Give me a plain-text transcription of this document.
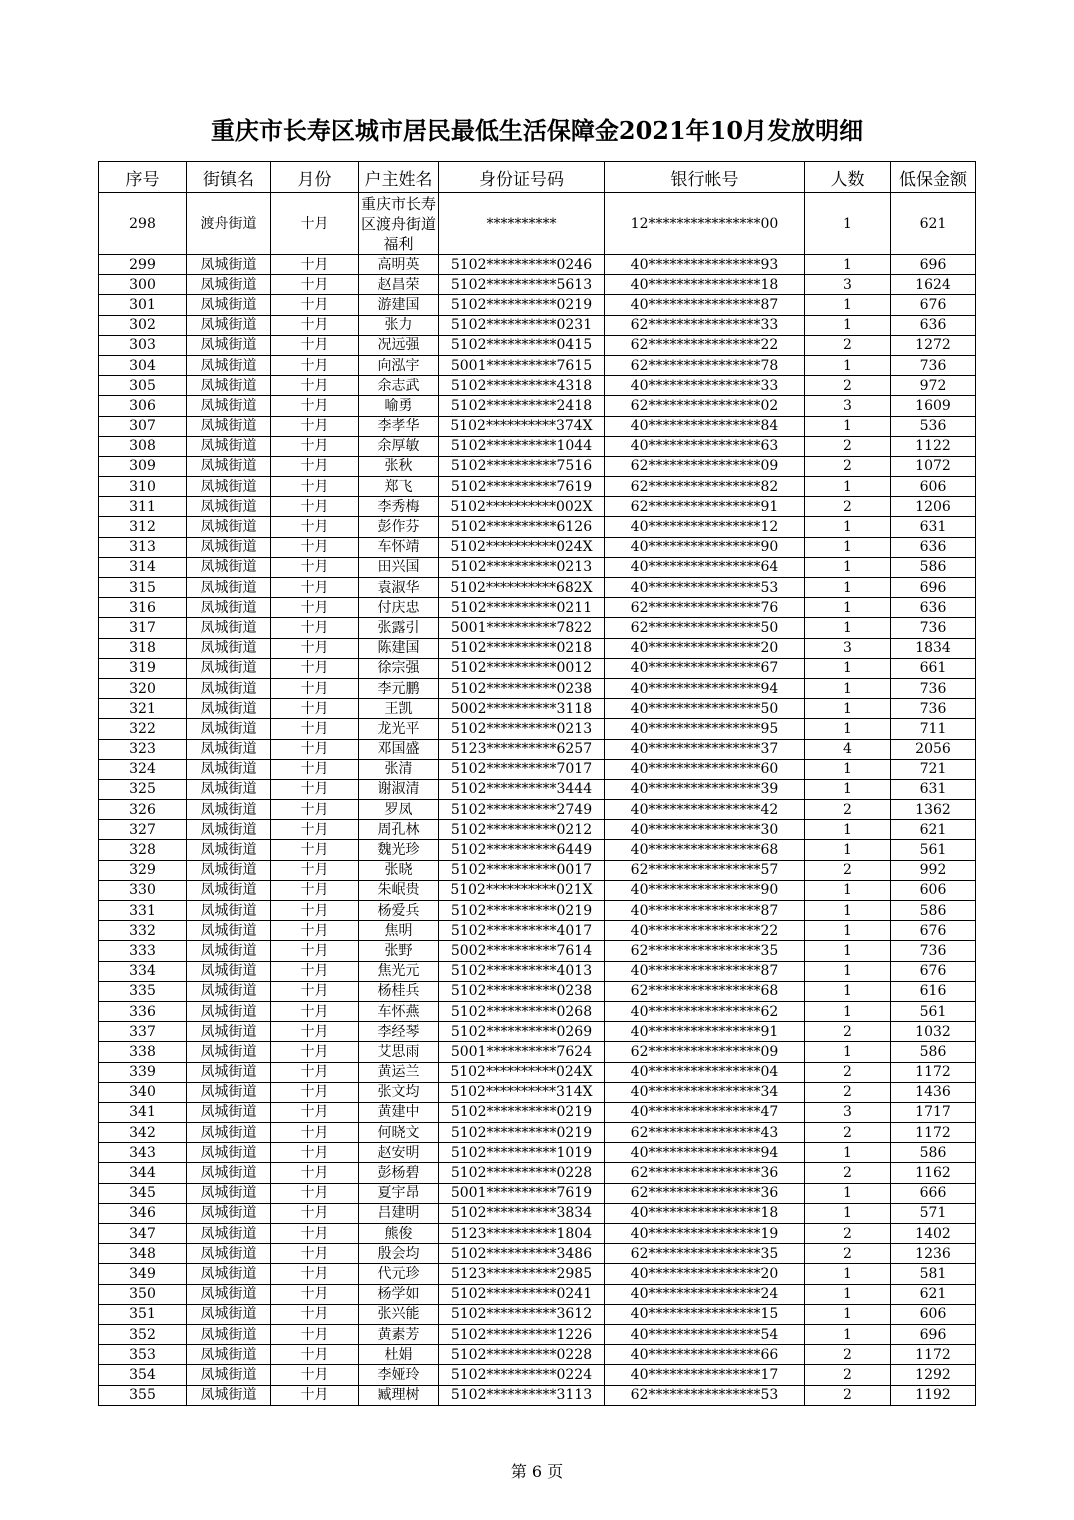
重庆市长寿区城市居民最低生活保障金2021年10月发放明细
序号	街镇名	月份	户主姓名	身份证号码	银行帐号	人数	低保金额
298	渡舟街道	十月	重庆市长寿区渡舟街道福利	**********	12****************00	1	621
299	凤城街道	十月	高明英	5102**********0246	40****************93	1	696
300	凤城街道	十月	赵昌荣	5102**********5613	40****************18	3	1624
301	凤城街道	十月	游建国	5102**********0219	40****************87	1	676
302	凤城街道	十月	张力	5102**********0231	62****************33	1	636
303	凤城街道	十月	况远强	5102**********0415	62****************22	2	1272
304	凤城街道	十月	向泓宇	5001**********7615	62****************78	1	736
305	凤城街道	十月	余志武	5102**********4318	40****************33	2	972
306	凤城街道	十月	喻勇	5102**********2418	62****************02	3	1609
307	凤城街道	十月	李孝华	5102**********374X	40****************84	1	536
308	凤城街道	十月	余厚敏	5102**********1044	40****************63	2	1122
309	凤城街道	十月	张秋	5102**********7516	62****************09	2	1072
310	凤城街道	十月	郑飞	5102**********7619	62****************82	1	606
311	凤城街道	十月	李秀梅	5102**********002X	62****************91	2	1206
312	凤城街道	十月	彭作芬	5102**********6126	40****************12	1	631
313	凤城街道	十月	车怀靖	5102**********024X	40****************90	1	636
314	凤城街道	十月	田兴国	5102**********0213	40****************64	1	586
315	凤城街道	十月	袁淑华	5102**********682X	40****************53	1	696
316	凤城街道	十月	付庆忠	5102**********0211	62****************76	1	636
317	凤城街道	十月	张露引	5001**********7822	62****************50	1	736
318	凤城街道	十月	陈建国	5102**********0218	40****************20	3	1834
319	凤城街道	十月	徐宗强	5102**********0012	40****************67	1	661
320	凤城街道	十月	李元鹏	5102**********0238	40****************94	1	736
321	凤城街道	十月	王凯	5002**********3118	40****************50	1	736
322	凤城街道	十月	龙光平	5102**********0213	40****************95	1	711
323	凤城街道	十月	邓国盛	5123**********6257	40****************37	4	2056
324	凤城街道	十月	张清	5102**********7017	40****************60	1	721
325	凤城街道	十月	谢淑清	5102**********3444	40****************39	1	631
326	凤城街道	十月	罗凤	5102**********2749	40****************42	2	1362
327	凤城街道	十月	周孔林	5102**********0212	40****************30	1	621
328	凤城街道	十月	魏光珍	5102**********6449	40****************68	1	561
329	凤城街道	十月	张晓	5102**********0017	62****************57	2	992
330	凤城街道	十月	朱岷贵	5102**********021X	40****************90	1	606
331	凤城街道	十月	杨爱兵	5102**********0219	40****************87	1	586
332	凤城街道	十月	焦明	5102**********4017	40****************22	1	676
333	凤城街道	十月	张野	5002**********7614	62****************35	1	736
334	凤城街道	十月	焦光元	5102**********4013	40****************87	1	676
335	凤城街道	十月	杨桂兵	5102**********0238	62****************68	1	616
336	凤城街道	十月	车怀燕	5102**********0268	40****************62	1	561
337	凤城街道	十月	李经琴	5102**********0269	40****************91	2	1032
338	凤城街道	十月	艾思雨	5001**********7624	62****************09	1	586
339	凤城街道	十月	黄运兰	5102**********024X	40****************04	2	1172
340	凤城街道	十月	张文均	5102**********314X	40****************34	2	1436
341	凤城街道	十月	黄建中	5102**********0219	40****************47	3	1717
342	凤城街道	十月	何晓文	5102**********0219	62****************43	2	1172
343	凤城街道	十月	赵安明	5102**********1019	40****************94	1	586
344	凤城街道	十月	彭杨碧	5102**********0228	62****************36	2	1162
345	凤城街道	十月	夏宇昂	5001**********7619	62****************36	1	666
346	凤城街道	十月	吕建明	5102**********3834	40****************18	1	571
347	凤城街道	十月	熊俊	5123**********1804	40****************19	2	1402
348	凤城街道	十月	殷会均	5102**********3486	62****************35	2	1236
349	凤城街道	十月	代元珍	5123**********2985	40****************20	1	581
350	凤城街道	十月	杨学如	5102**********0241	40****************24	1	621
351	凤城街道	十月	张兴能	5102**********3612	40****************15	1	606
352	凤城街道	十月	黄素芳	5102**********1226	40****************54	1	696
353	凤城街道	十月	杜娟	5102**********0228	40****************66	2	1172
354	凤城街道	十月	李娅玲	5102**********0224	40****************17	2	1292
355	凤城街道	十月	臧理树	5102**********3113	62****************53	2	1192
第 6 页
